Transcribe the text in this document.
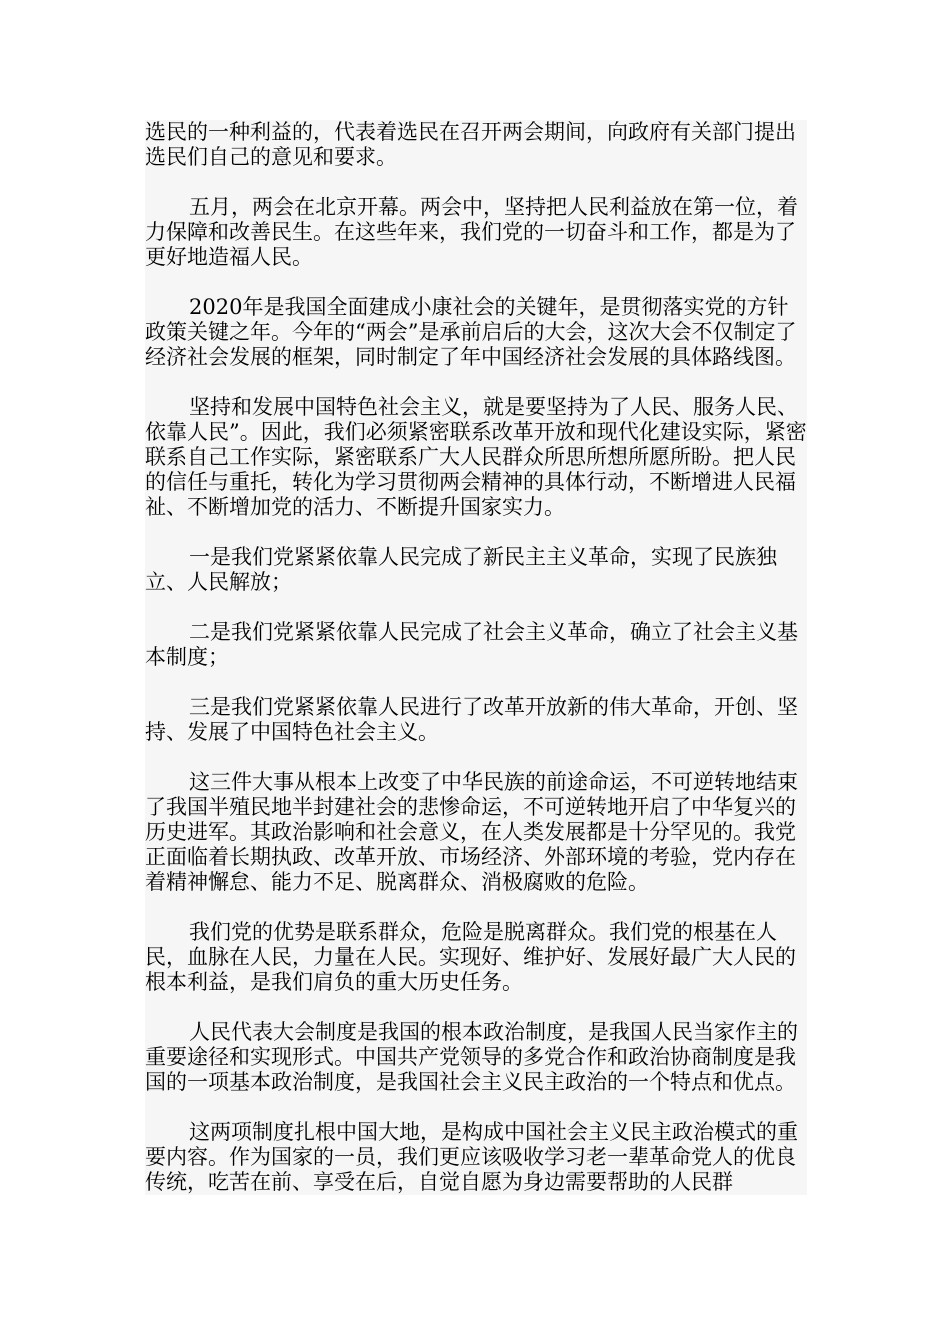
选民的一种利益的，代表着选民在召开两会期间，向政府有关部门提出选民们自己的意见和要求。

五月，两会在北京开幕。两会中，坚持把人民利益放在第一位，着力保障和改善民生。在这些年来，我们党的一切奋斗和工作，都是为了更好地造福人民。

2020年是我国全面建成小康社会的关键年，是贯彻落实党的方针政策关键之年。今年的“两会”是承前启后的大会，这次大会不仅制定了经济社会发展的框架，同时制定了年中国经济社会发展的具体路线图。

坚持和发展中国特色社会主义，就是要坚持为了人民、服务人民、依靠人民”。因此，我们必须紧密联系改革开放和现代化建设实际，紧密联系自己工作实际，紧密联系广大人民群众所思所想所愿所盼。把人民的信任与重托，转化为学习贯彻两会精神的具体行动，不断增进人民福祉、不断增加党的活力、不断提升国家实力。

一是我们党紧紧依靠人民完成了新民主主义革命，实现了民族独立、人民解放；

二是我们党紧紧依靠人民完成了社会主义革命，确立了社会主义基本制度；

三是我们党紧紧依靠人民进行了改革开放新的伟大革命，开创、坚持、发展了中国特色社会主义。

这三件大事从根本上改变了中华民族的前途命运，不可逆转地结束了我国半殖民地半封建社会的悲惨命运，不可逆转地开启了中华复兴的历史进军。其政治影响和社会意义，在人类发展都是十分罕见的。我党正面临着长期执政、改革开放、市场经济、外部环境的考验，党内存在着精神懈怠、能力不足、脱离群众、消极腐败的危险。

我们党的优势是联系群众，危险是脱离群众。我们党的根基在人民，血脉在人民，力量在人民。实现好、维护好、发展好最广大人民的根本利益，是我们肩负的重大历史任务。

人民代表大会制度是我国的根本政治制度，是我国人民当家作主的重要途径和实现形式。中国共产党领导的多党合作和政治协商制度是我国的一项基本政治制度，是我国社会主义民主政治的一个特点和优点。

这两项制度扎根中国大地，是构成中国社会主义民主政治模式的重要内容。作为国家的一员，我们更应该吸收学习老一辈革命党人的优良传统，吃苦在前、享受在后，自觉自愿为身边需要帮助的人民群
